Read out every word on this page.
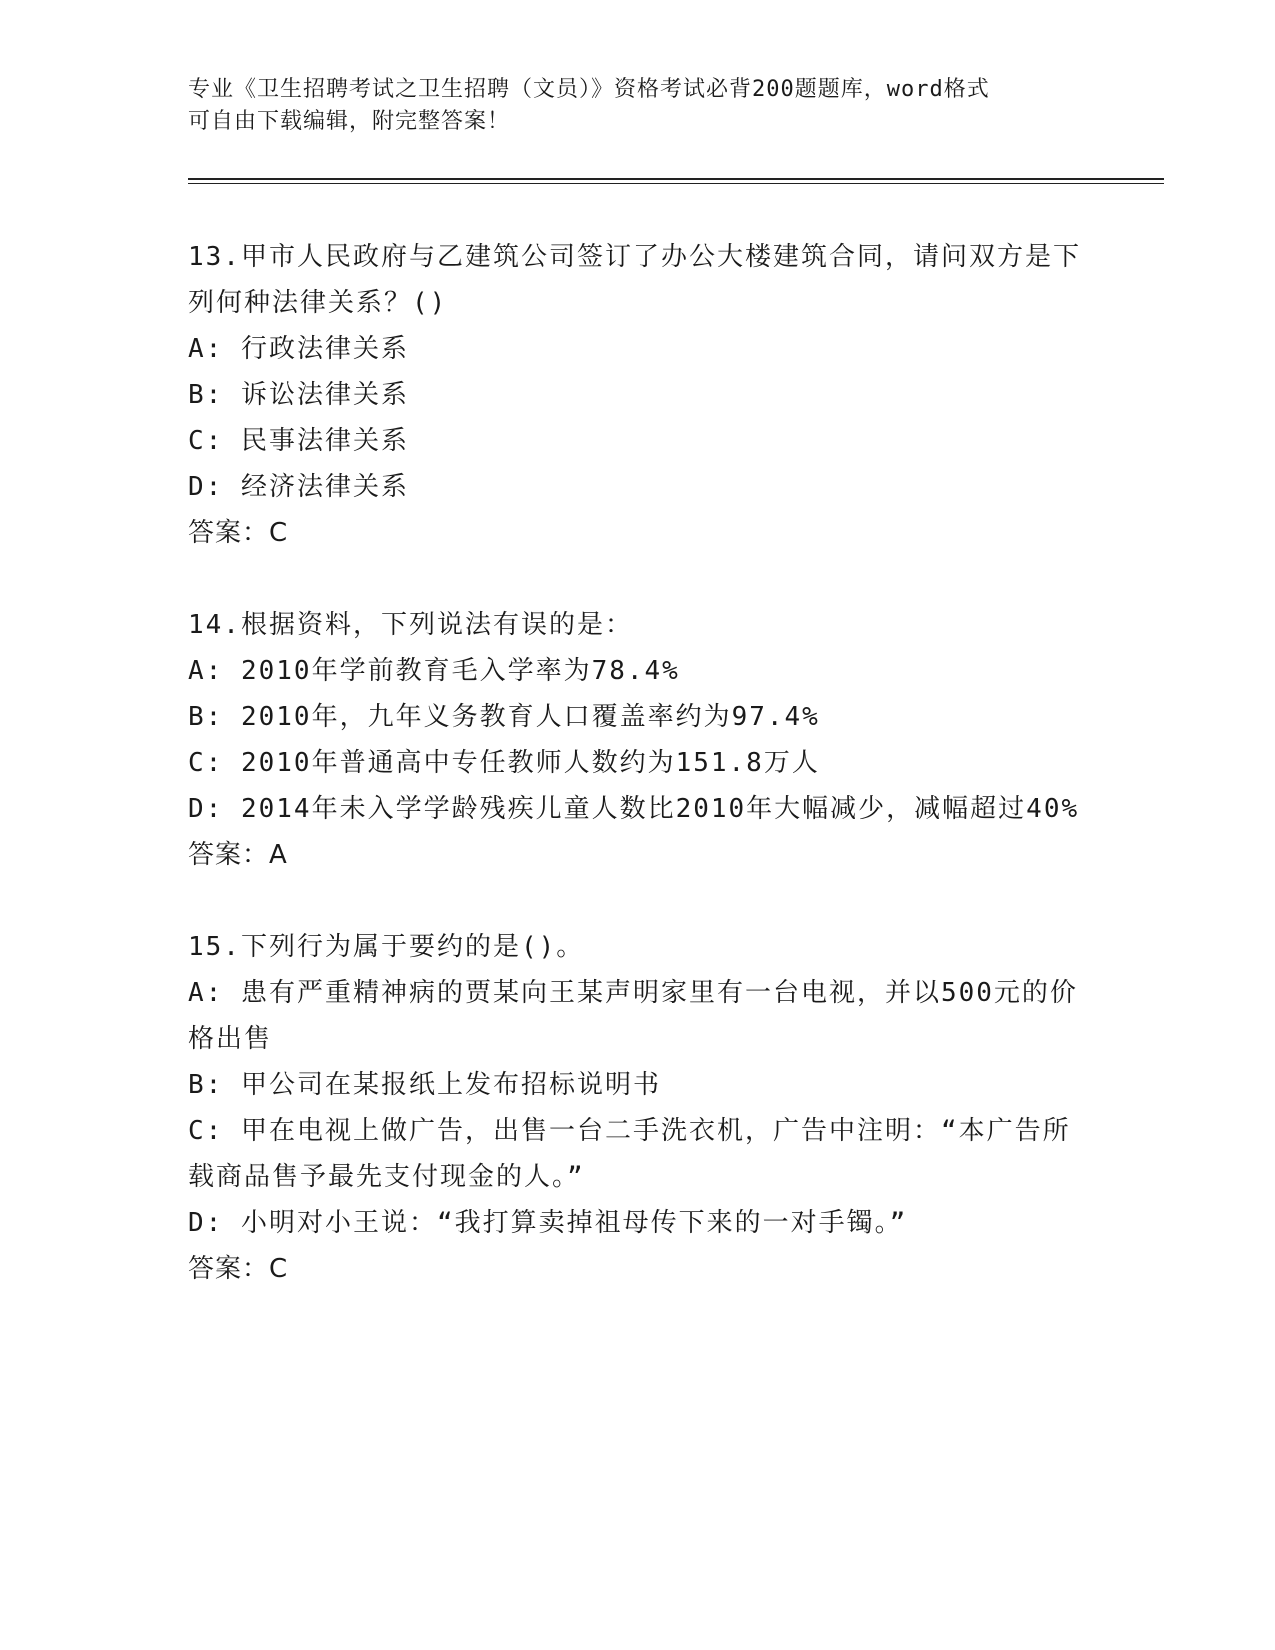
专业《卫生招聘考试之卫生招聘（文员）》资格考试必背200题题库，word格式
可自由下载编辑，附完整答案！
13.甲市人民政府与乙建筑公司签订了办公大楼建筑合同，请问双方是下列何种法律关系？()
A: 行政法律关系
B: 诉讼法律关系
C: 民事法律关系
D: 经济法律关系
答案：C
14.根据资料，下列说法有误的是：
A: 2010年学前教育毛入学率为78.4%
B: 2010年，九年义务教育人口覆盖率约为97.4%
C: 2010年普通高中专任教师人数约为151.8万人
D: 2014年未入学学龄残疾儿童人数比2010年大幅减少，减幅超过40%
答案：A
15.下列行为属于要约的是()。
A: 患有严重精神病的贾某向王某声明家里有一台电视，并以500元的价格出售
B: 甲公司在某报纸上发布招标说明书
C: 甲在电视上做广告，出售一台二手洗衣机，广告中注明：“本广告所载商品售予最先支付现金的人。”
D: 小明对小王说：“我打算卖掉祖母传下来的一对手镯。”
答案：C
